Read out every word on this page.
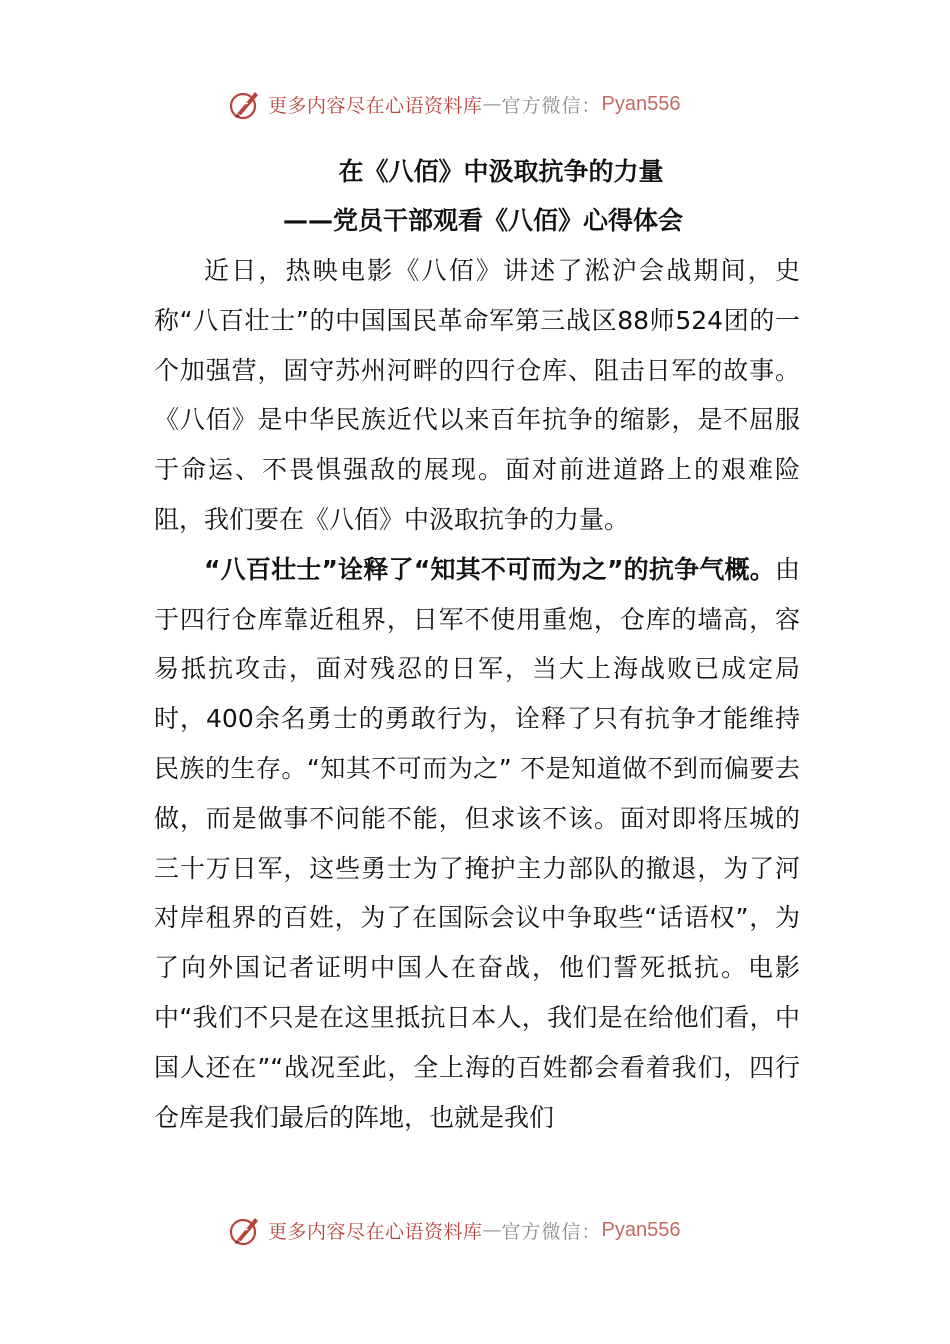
更多内容尽在心语资料库 — 官方微信： Pyan556
在《八佰》中汲取抗争的力量
——党员干部观看《八佰》心得体会

近日，热映电影《八佰》讲述了淞沪会战期间，史称“八百壮士”的中国国民革命军第三战区88师524团的一个加强营，固守苏州河畔的四行仓库、阻击日军的故事。《八佰》是中华民族近代以来百年抗争的缩影，是不屈服于命运、不畏惧强敌的展现。面对前进道路上的艰难险阻，我们要在《八佰》中汲取抗争的力量。

“八百壮士”诠释了“知其不可而为之”的抗争气概。由于四行仓库靠近租界，日军不使用重炮，仓库的墙高，容易抵抗攻击，面对残忍的日军，当大上海战败已成定局时，400余名勇士的勇敢行为，诠释了只有抗争才能维持民族的生存。“知其不可而为之” 不是知道做不到而偏要去做，而是做事不问能不能，但求该不该。面对即将压城的三十万日军，这些勇士为了掩护主力部队的撤退，为了河对岸租界的百姓，为了在国际会议中争取些“话语权”，为了向外国记者证明中国人在奋战，他们誓死抵抗。电影中“我们不只是在这里抵抗日本人，我们是在给他们看，中国人还在”“战况至此，全上海的百姓都会看着我们，四行仓库是我们最后的阵地，也就是我们

更多内容尽在心语资料库 — 官方微信： Pyan556
